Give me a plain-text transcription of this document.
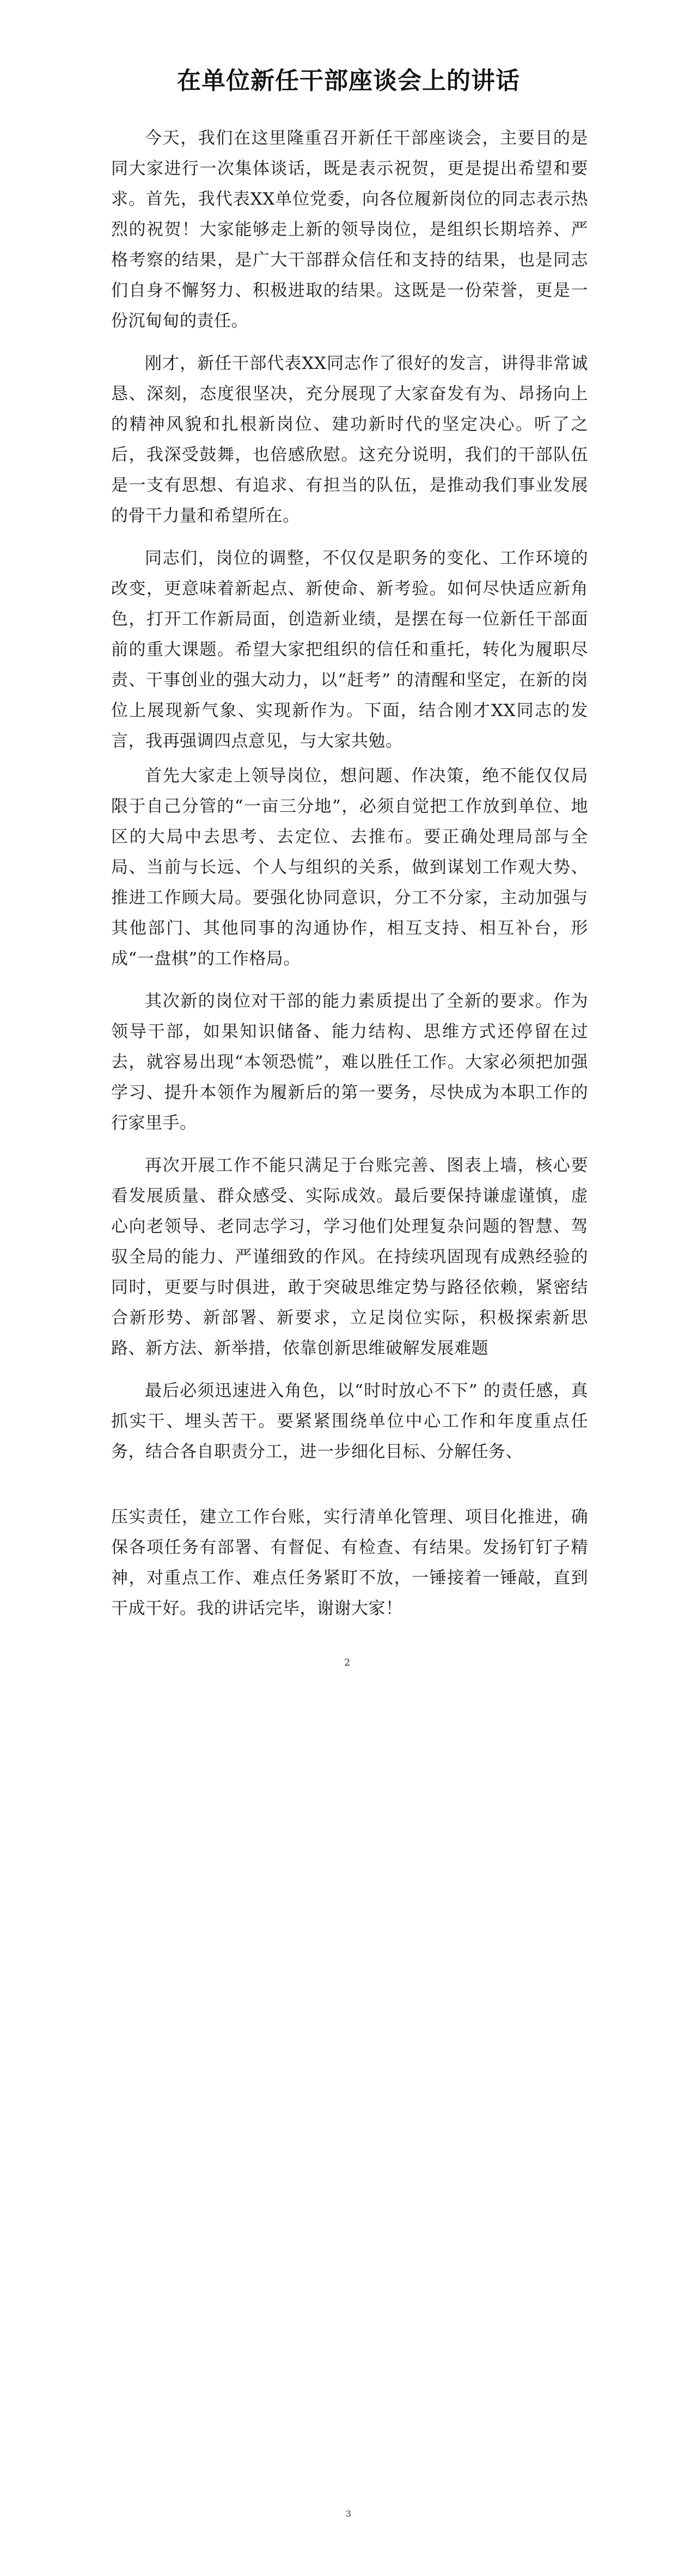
在单位新任干部座谈会上的讲话

今天，我们在这里隆重召开新任干部座谈会，主要目的是同大家进行一次集体谈话，既是表示祝贺，更是提出希望和要求。首先，我代表XX单位党委，向各位履新岗位的同志表示热烈的祝贺！大家能够走上新的领导岗位，是组织长期培养、严格考察的结果，是广大干部群众信任和支持的结果，也是同志们自身不懈努力、积极进取的结果。这既是一份荣誉，更是一份沉甸甸的责任。

刚才，新任干部代表XX同志作了很好的发言，讲得非常诚恳、深刻，态度很坚决，充分展现了大家奋发有为、昂扬向上的精神风貌和扎根新岗位、建功新时代的坚定决心。听了之后，我深受鼓舞，也倍感欣慰。这充分说明，我们的干部队伍是一支有思想、有追求、有担当的队伍，是推动我们事业发展的骨干力量和希望所在。

同志们，岗位的调整，不仅仅是职务的变化、工作环境的改变，更意味着新起点、新使命、新考验。如何尽快适应新角色，打开工作新局面，创造新业绩，是摆在每一位新任干部面前的重大课题。希望大家把组织的信任和重托，转化为履职尽责、干事创业的强大动力，以“赶考” 的清醒和坚定，在新的岗位上展现新气象、实现新作为。下面，结合刚才XX同志的发言，我再强调四点意见，与大家共勉。

首先大家走上领导岗位，想问题、作决策，绝不能仅仅局限于自己分管的“一亩三分地”，必须自觉把工作放到单位、地区的大局中去思考、去定位、去推布。要正确处理局部与全局、当前与长远、个人与组织的关系，做到谋划工作观大势、推进工作顾大局。要强化协同意识，分工不分家，主动加强与其他部门、其他同事的沟通协作，相互支持、相互补台，形成“一盘棋”的工作格局。

其次新的岗位对干部的能力素质提出了全新的要求。作为领导干部，如果知识储备、能力结构、思维方式还停留在过去，就容易出现“本领恐慌”，难以胜任工作。大家必须把加强学习、提升本领作为履新后的第一要务，尽快成为本职工作的行家里手。

再次开展工作不能只满足于台账完善、图表上墙，核心要看发展质量、群众感受、实际成效。最后要保持谦虚谨慎，虚心向老领导、老同志学习，学习他们处理复杂问题的智慧、驾驭全局的能力、严谨细致的作风。在持续巩固现有成熟经验的同时，更要与时俱进，敢于突破思维定势与路径依赖，紧密结合新形势、新部署、新要求，立足岗位实际，积极探索新思路、新方法、新举措，依靠创新思维破解发展难题

最后必须迅速进入角色，以“时时放心不下” 的责任感，真抓实干、埋头苦干。要紧紧围绕单位中心工作和年度重点任务，结合各自职责分工，进一步细化目标、分解任务、

压实责任，建立工作台账，实行清单化管理、项目化推进，确保各项任务有部署、有督促、有检查、有结果。发扬钉钉子精神，对重点工作、难点任务紧盯不放，一锤接着一锤敲，直到干成干好。我的讲话完毕，谢谢大家！

2
3
